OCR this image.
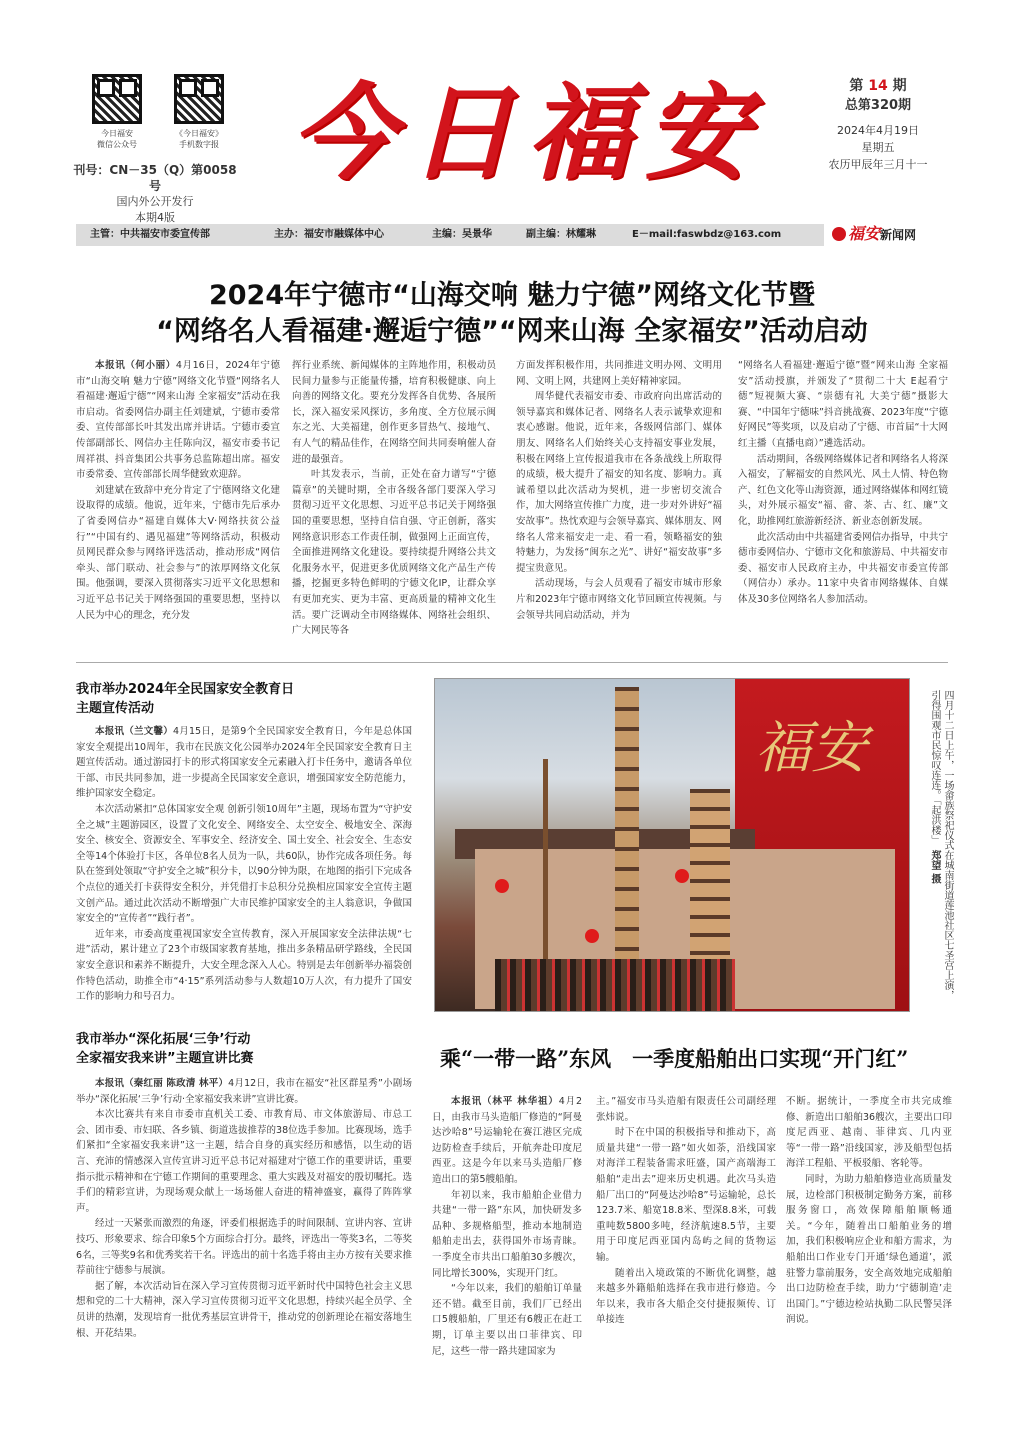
今日福安
微信公众号
《今日福安》
手机数字报
刊号：CN－35（Q）第0058号
国内外公开发行
本期4版
今日福安	第 14 期
总第320期
2024年4月19日
星期五
农历甲辰年三月十一
主管：中共福安市委宣传部	主办：福安市融媒体中心	主编：吴景华	副主编：林耀琳	E－mail:faswbdz@163.com	福安新闻网
2024年宁德市“山海交响 魅力宁德”网络文化节暨
“网络名人看福建·邂逅宁德”“网来山海 全家福安”活动启动

本报讯（何小丽）4月16日，2024年宁德市“山海交响 魅力宁德”网络文化节暨“网络名人看福建·邂逅宁德”“网来山海 全家福安”活动在我市启动。省委网信办副主任刘建斌，宁德市委常委、宣传部部长叶其发出席并讲话。宁德市委宣传部副部长、网信办主任陈向汉，福安市委书记周祥祺、抖音集团公共事务总监陈超出席。福安市委常委、宣传部部长周华健致欢迎辞。

刘建斌在致辞中充分肯定了宁德网络文化建设取得的成绩。他说，近年来，宁德市先后承办了省委网信办“福建自媒体大V·网络扶贫公益行”“中国有约、遇见福建”等网络活动，积极动员网民群众参与网络评选活动，推动形成“网信牵头、部门联动、社会参与”的浓厚网络文化氛围。他强调，要深入贯彻落实习近平文化思想和习近平总书记关于网络强国的重要思想，坚持以人民为中心的理念，充分发

挥行业系统、新闻媒体的主阵地作用，积极动员民间力量参与正能量传播，培育积极健康、向上向善的网络文化。要充分发挥各自优势、各展所长，深入福安采风探访，多角度、全方位展示闽东之光、大美福建，创作更多冒热气、接地气、有人气的精品佳作，在网络空间共同奏响催人奋进的最强音。

叶其发表示，当前，正处在奋力谱写“宁德篇章”的关键时期，全市各级各部门要深入学习贯彻习近平文化思想、习近平总书记关于网络强国的重要思想，坚持自信自强、守正创新，落实网络意识形态工作责任制，做强网上正面宣传，全面推进网络文化建设。要持续提升网络公共文化服务水平，促进更多优质网络文化产品生产传播，挖掘更多特色鲜明的宁德文化IP，让群众享有更加充实、更为丰富、更高质量的精神文化生活。要广泛调动全市网络媒体、网络社会组织、广大网民等各

方面发挥积极作用，共同推进文明办网、文明用网、文明上网，共建网上美好精神家园。

周华健代表福安市委、市政府向出席活动的领导嘉宾和媒体记者、网络名人表示诚挚欢迎和衷心感谢。他说，近年来，各级网信部门、媒体朋友、网络名人们始终关心支持福安事业发展，积极在网络上宣传报道我市在各条战线上所取得的成绩，极大提升了福安的知名度、影响力。真诚希望以此次活动为契机，进一步密切交流合作，加大网络宣传推广力度，进一步对外讲好“福安故事”。热忱欢迎与会领导嘉宾、媒体朋友、网络名人常来福安走一走、看一看，领略福安的独特魅力，为发扬“闽东之光”、讲好“福安故事”多提宝贵意见。

活动现场，与会人员观看了福安市城市形象片和2023年宁德市网络文化节回顾宣传视频。与会领导共同启动活动，并为

“网络名人看福建·邂逅宁德”暨“网来山海 全家福安”活动授旗，并颁发了“贯彻二十大 E起看宁德”短视频大赛、“崇德有礼 大美宁德”摄影大赛、“中国年宁德味”抖音挑战赛、2023年度“宁德好网民”等奖项，以及启动了宁德、市首届“十大网红主播（直播电商）”遴选活动。

活动期间，各级网络媒体记者和网络名人将深入福安，了解福安的自然风光、风土人情、特色物产、红色文化等山海资源，通过网络媒体和网红镜头，对外展示福安“福、畲、茶、古、红、廉”文化，助推网红旅游新经济、新业态创新发展。

此次活动由中共福建省委网信办指导，中共宁德市委网信办、宁德市文化和旅游局、中共福安市委、福安市人民政府主办，中共福安市委宣传部（网信办）承办。11家中央省市网络媒体、自媒体及30多位网络名人参加活动。

我市举办2024年全民国家安全教育日
主题宣传活动

本报讯（兰文馨）4月15日，是第9个全民国家安全教育日，今年是总体国家安全观提出10周年，我市在民族文化公园举办2024年全民国家安全教育日主题宣传活动。通过游园打卡的形式将国家安全元素融入打卡任务中，邀请各单位干部、市民共同参加，进一步提高全民国家安全意识，增强国家安全防范能力，维护国家安全稳定。

本次活动紧扣“总体国家安全观 创新引领10周年”主题，现场布置为“守护安全之城”主题游园区，设置了文化安全、网络安全、太空安全、极地安全、深海安全、核安全、资源安全、军事安全、经济安全、国土安全、社会安全、生态安全等14个体验打卡区，各单位8名人员为一队，共60队，协作完成各项任务。每队在签到处领取“守护安全之城”积分卡，以90分钟为限，在地图的指引下完成各个点位的通关打卡获得安全积分，并凭借打卡总积分兑换相应国家安全宣传主题文创产品。通过此次活动不断增强广大市民维护国家安全的主人翁意识，争做国家安全的“宣传者”“践行者”。

近年来，市委高度重视国家安全宣传教育，深入开展国家安全法律法规“七进”活动，累计建立了23个市级国家教育基地，推出多条精品研学路线，全民国家安全意识和素养不断提升，大安全理念深入人心。特别是去年创新举办福袋创作特色活动，助推全市“4·15”系列活动参与人数超10万人次，有力提升了国安工作的影响力和号召力。

我市举办“深化拓展‘三争’行动
全家福安我来讲”主题宣讲比赛

本报讯（秦红丽 陈政清 林平）4月12日，我市在福安“社区群星秀”小剧场举办“深化拓展‘三争’行动·全家福安我来讲”宣讲比赛。

本次比赛共有来自市委市直机关工委、市教育局、市文体旅游局、市总工会、团市委、市妇联、各乡镇、街道选拔推荐的38位选手参加。比赛现场，选手们紧扣“全家福安我来讲”这一主题，结合自身的真实经历和感悟，以生动的语言、充沛的情感深入宣传宣讲习近平总书记对福建对宁德工作的重要讲话，重要指示批示精神和在宁德工作期间的重要理念、重大实践及对福安的殷切嘱托。选手们的精彩宣讲，为现场观众献上一场场催人奋进的精神盛宴，赢得了阵阵掌声。

经过一天紧张而激烈的角逐，评委们根据选手的时间限制、宣讲内容、宣讲技巧、形象要求、综合印象5个方面综合打分。最终，评选出一等奖3名，二等奖6名，三等奖9名和优秀奖若干名。评选出的前十名选手将由主办方按有关要求推荐前往宁德参与展演。

据了解，本次活动旨在深入学习宣传贯彻习近平新时代中国特色社会主义思想和党的二十大精神，深入学习宣传贯彻习近平文化思想，持续兴起全员学、全员讲的热潮，发现培育一批优秀基层宣讲骨干，推动党的创新理论在福安落地生根、开花结果。

福安	四月十二日上午，一场畲族祭祀仪式在城南街道莲池社区七圣宫上演，引得围观市民惊叹连连。「起洪楼」　郑望 摄
乘“一带一路”东风　一季度船舶出口实现“开门红”

本报讯（林平 林华祖）4月2日，由我市马头造船厂修造的“阿曼达沙哈8”号运输轮在赛江港区完成边防检查手续后，开航奔赴印度尼西亚。这是今年以来马头造船厂修造出口的第5艘船舶。

年初以来，我市船舶企业借力共建“一带一路”东风，加快研发多品种、多规格船型，推动本地制造船舶走出去，获得国外市场青睐。一季度全市共出口船舶30多艘次，同比增长300%，实现开门红。

“今年以来，我们的船舶订单量还不错。截至目前，我们厂已经出口5艘船舶，厂里还有6艘正在赶工期，订单主要以出口菲律宾、印尼，这些一带一路共建国家为

主。”福安市马头造船有限责任公司副经理张炜说。

时下在中国的积极指导和推动下，高质量共建“一带一路”如火如荼，沿线国家对海洋工程装备需求旺盛，国产高端海工船舶“走出去”迎来历史机遇。此次马头造船厂出口的“阿曼达沙哈8”号运输轮，总长123.7米、船宽18.8米、型深8.8米，可载重吨数5800多吨，经济航速8.5节，主要用于印度尼西亚国内岛屿之间的货物运输。

随着出入境政策的不断优化调整，越来越多外籍船舶选择在我市进行修造。今年以来，我市各大船企交付捷报频传、订单接连

不断。据统计，一季度全市共完成维修、新造出口船舶36艘次，主要出口印度尼西亚、越南、菲律宾、几内亚等“一带一路”沿线国家，涉及船型包括海洋工程船、平板驳船、客轮等。

同时，为助力船舶修造业高质量发展，边检部门积极制定勤务方案，前移服务窗口，高效保障船舶顺畅通关。“今年，随着出口船舶业务的增加，我们积极响应企业和船方需求，为船舶出口作业专门开通‘绿色通道’，派驻警力靠前服务，安全高效地完成船舶出口边防检查手续，助力‘宁德制造’走出国门。”宁德边检站执勤二队民警吴泽润说。
